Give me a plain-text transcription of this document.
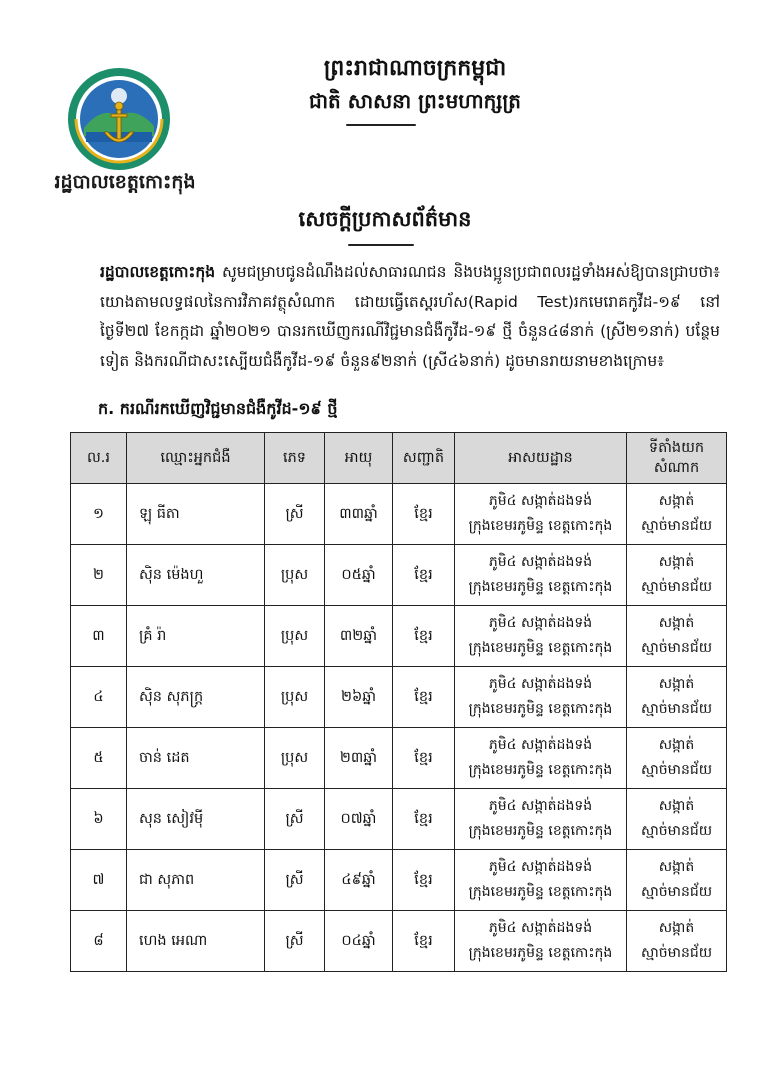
រដ្ឋបាលខេត្តកោះកុង
ព្រះរាជាណាចក្រកម្ពុជា
ជាតិ សាសនា ព្រះមហាក្សត្រ
សេចក្ដីប្រកាសព័ត៌មាន
រដ្ឋបាលខេត្តកោះកុង សូមជម្រាបជូនដំណឹងដល់សាធារណជន និងបងប្អូនប្រជាពលរដ្ឋទាំងអស់ឱ្យបានជ្រាបថា៖ យោងតាមលទ្ធផលនៃការវិភាគវត្ថុសំណាក ដោយធ្វើតេស្តរហ័ស(Rapid Test)រកមេរោគកូវីដ-១៩ នៅថ្ងៃទី២៧ ខែកក្កដា ឆ្នាំ២០២១ បានរកឃើញករណីវិជ្ជមានជំងឺកូវីដ-១៩ ថ្មី ចំនួន៤៨នាក់ (ស្រី២១នាក់) បន្ថែមទៀត និងករណីជាសះស្បើយជំងឺកូវីដ-១៩ ចំនួន៩២នាក់ (ស្រី៤៦នាក់) ដូចមានរាយនាមខាងក្រោម៖
ក. ករណីរកឃើញវិជ្ជមានជំងឺកូវីដ-១៩ ថ្មី
ល.រ	ឈ្មោះអ្នកជំងឺ	ភេទ	អាយុ	សញ្ជាតិ	អាសយដ្ឋាន	ទីតាំងយកសំណាក
១	ឡុ ធីតា	ស្រី	៣៣ឆ្នាំ	ខ្មែរ	ភូមិ៤ សង្កាត់ដងទង់
ក្រុងខេមរភូមិន្ទ ខេត្តកោះកុង	សង្កាត់
ស្មាច់មានជ័យ

២	ស៊ិន ម៉េងហួ	ប្រុស	០៥ឆ្នាំ	ខ្មែរ	ភូមិ៤ សង្កាត់ដងទង់
ក្រុងខេមរភូមិន្ទ ខេត្តកោះកុង	សង្កាត់
ស្មាច់មានជ័យ

៣	គ្រំ រ៉ា	ប្រុស	៣២ឆ្នាំ	ខ្មែរ	ភូមិ៤ សង្កាត់ដងទង់
ក្រុងខេមរភូមិន្ទ ខេត្តកោះកុង	សង្កាត់
ស្មាច់មានជ័យ

៤	ស៊ិន សុភក្ត្រ	ប្រុស	២៦ឆ្នាំ	ខ្មែរ	ភូមិ៤ សង្កាត់ដងទង់
ក្រុងខេមរភូមិន្ទ ខេត្តកោះកុង	សង្កាត់
ស្មាច់មានជ័យ

៥	ចាន់ ដេត	ប្រុស	២៣ឆ្នាំ	ខ្មែរ	ភូមិ៤ សង្កាត់ដងទង់
ក្រុងខេមរភូមិន្ទ ខេត្តកោះកុង	សង្កាត់
ស្មាច់មានជ័យ

៦	សុន សៀវម៉ី	ស្រី	០៧ឆ្នាំ	ខ្មែរ	ភូមិ៤ សង្កាត់ដងទង់
ក្រុងខេមរភូមិន្ទ ខេត្តកោះកុង	សង្កាត់
ស្មាច់មានជ័យ

៧	ជា សុភាព	ស្រី	៤៩ឆ្នាំ	ខ្មែរ	ភូមិ៤ សង្កាត់ដងទង់
ក្រុងខេមរភូមិន្ទ ខេត្តកោះកុង	សង្កាត់
ស្មាច់មានជ័យ

៨	ហេង អេណា	ស្រី	០៤ឆ្នាំ	ខ្មែរ	ភូមិ៤ សង្កាត់ដងទង់
ក្រុងខេមរភូមិន្ទ ខេត្តកោះកុង	សង្កាត់
ស្មាច់មានជ័យ
